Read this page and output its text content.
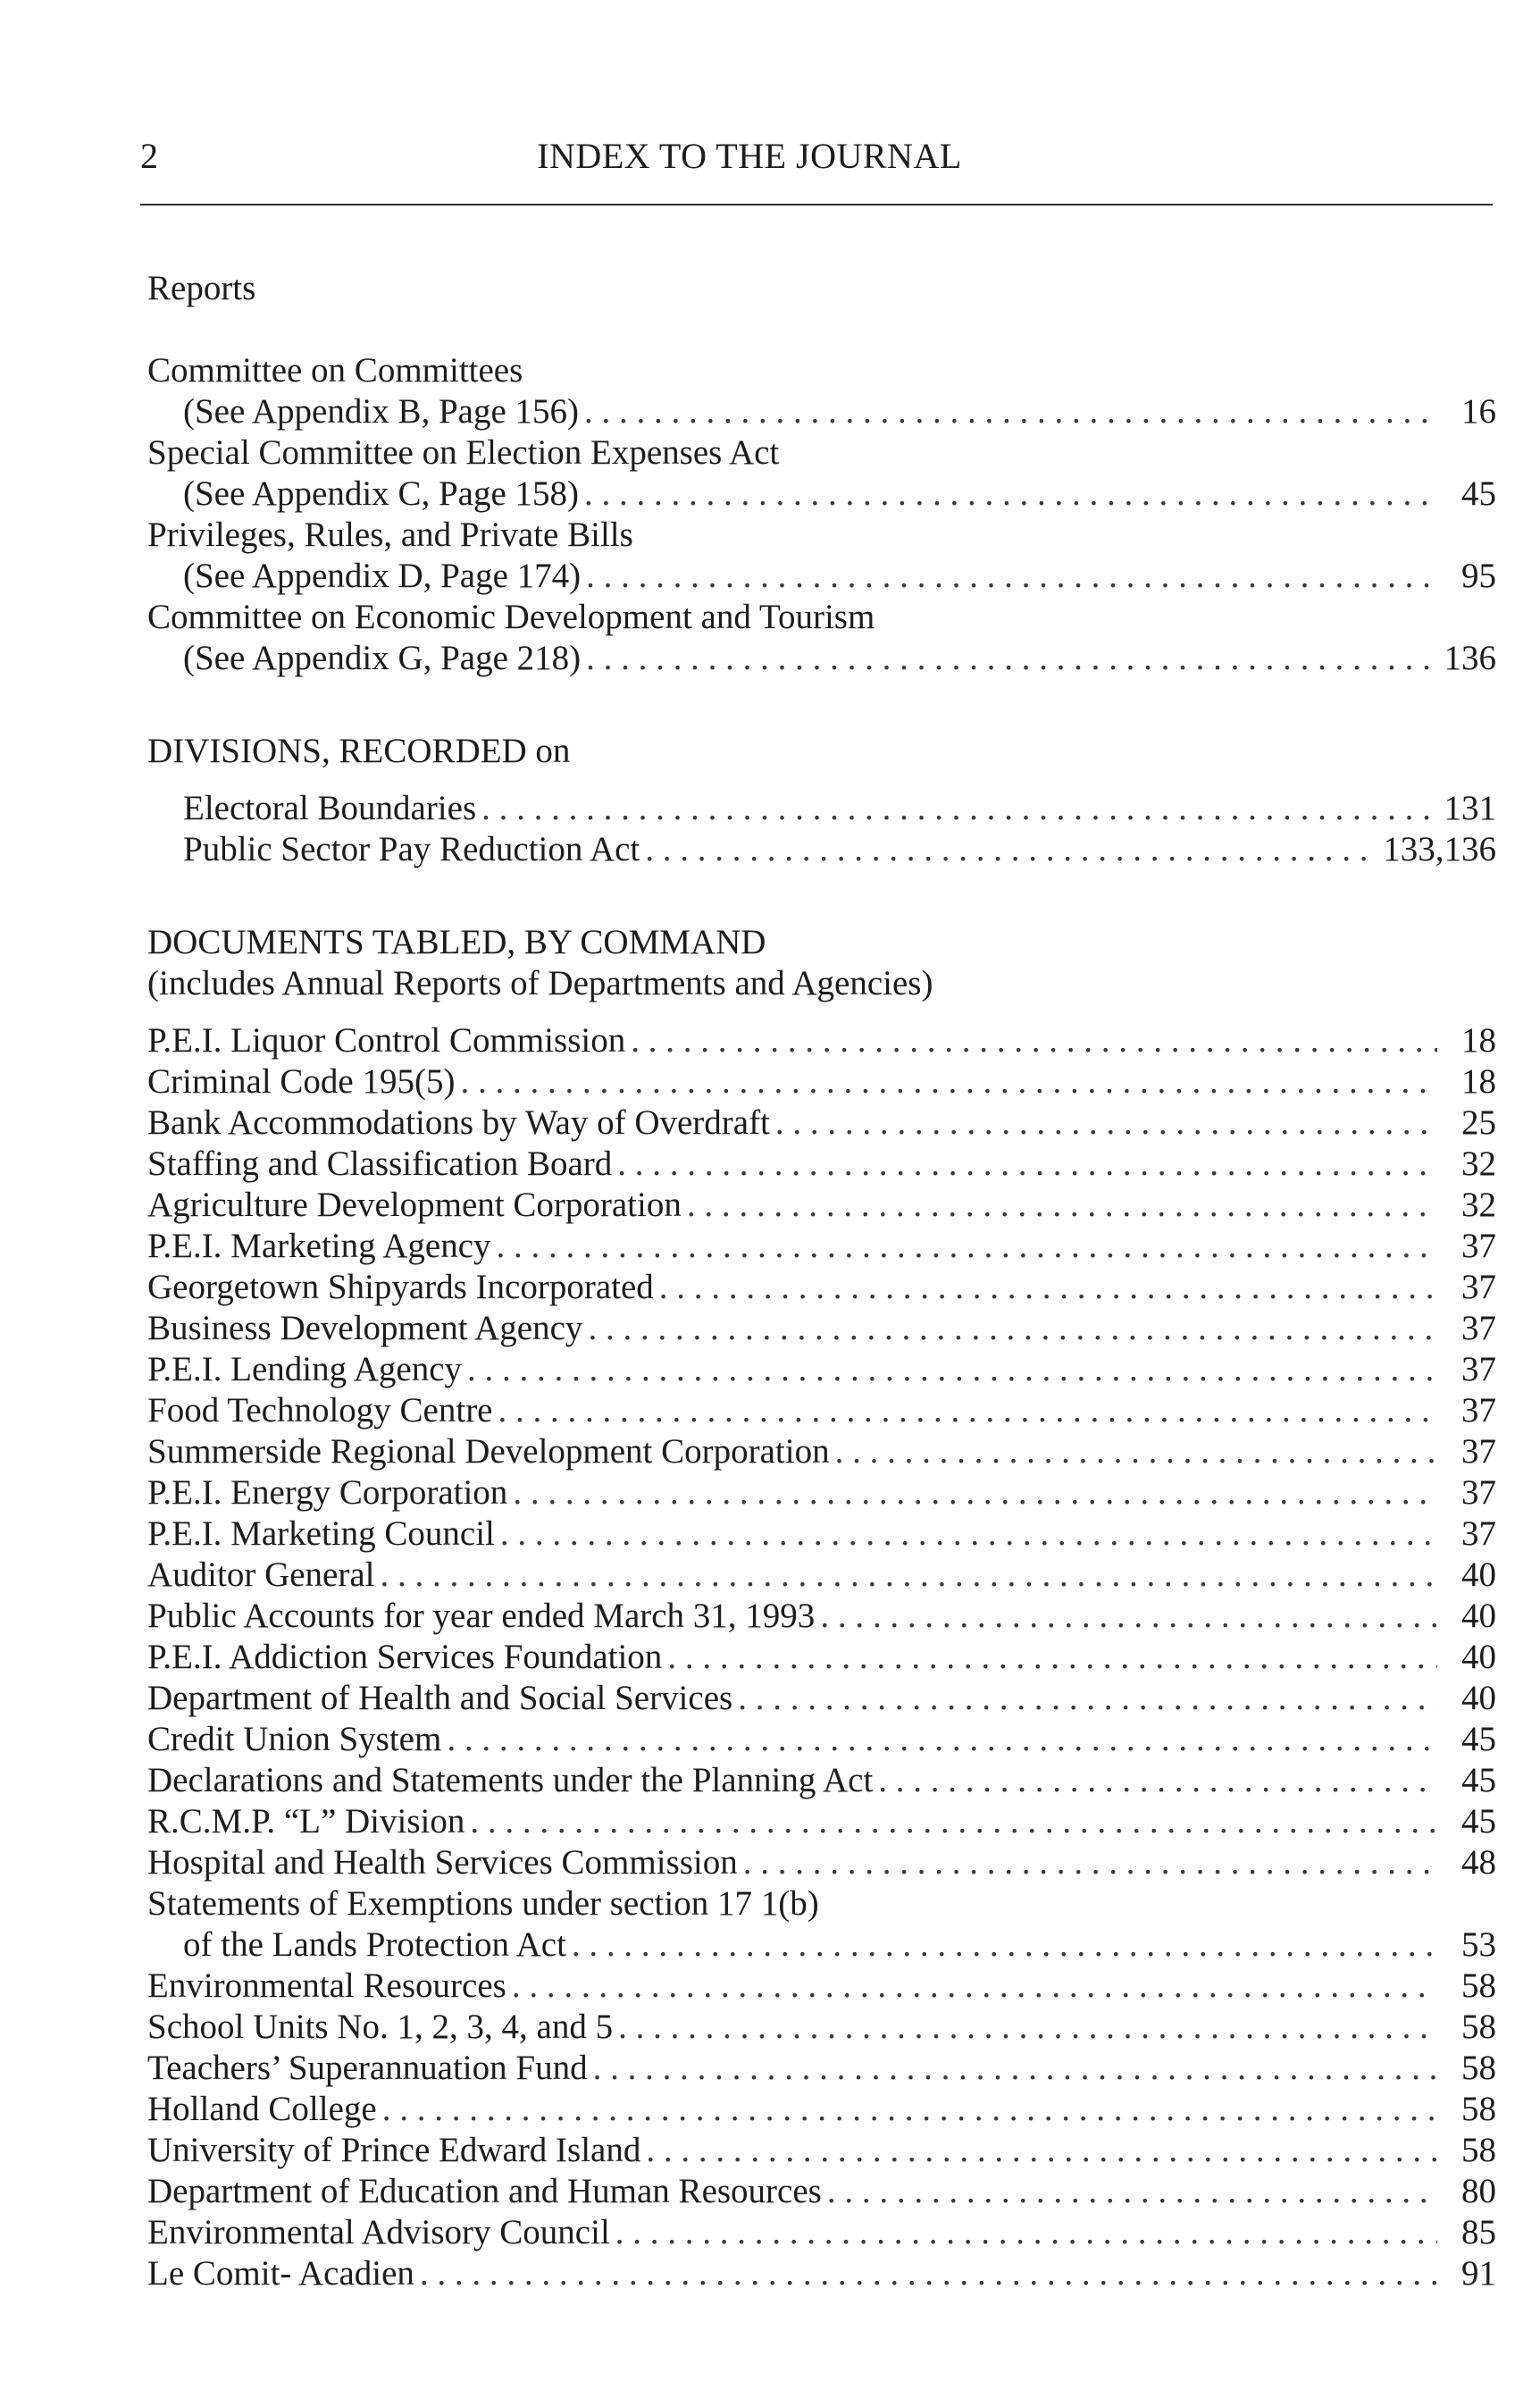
2	INDEX TO THE JOURNAL
Reports
Committee on Committees
(See Appendix B, Page 156) . . .	16
Special Committee on Election Expenses Act
(See Appendix C, Page 158) . . .	45
Privileges, Rules, and Private Bills
(See Appendix D, Page 174) . . .	95
Committee on Economic Development and Tourism
(See Appendix G, Page 218) . . .	136
DIVISIONS, RECORDED on
Electoral Boundaries . . .	131
Public Sector Pay Reduction Act . . .	133,136
DOCUMENTS TABLED, BY COMMAND
(includes Annual Reports of Departments and Agencies)
P.E.I. Liquor Control Commission . . .	18
Criminal Code 195(5) . . .	18
Bank Accommodations by Way of Overdraft . . .	25
Staffing and Classification Board . . .	32
Agriculture Development Corporation . . .	32
P.E.I. Marketing Agency . . .	37
Georgetown Shipyards Incorporated . . .	37
Business Development Agency . . .	37
P.E.I. Lending Agency . . .	37
Food Technology Centre . . .	37
Summerside Regional Development Corporation . . .	37
P.E.I. Energy Corporation . . .	37
P.E.I. Marketing Council . . .	37
Auditor General . . .	40
Public Accounts for year ended March 31, 1993 . . .	40
P.E.I. Addiction Services Foundation . . .	40
Department of Health and Social Services . . .	40
Credit Union System . . .	45
Declarations and Statements under the Planning Act . . .	45
R.C.M.P. “L” Division . . .	45
Hospital and Health Services Commission . . .	48
Statements of Exemptions under section 17 1(b)
of the Lands Protection Act . . .	53
Environmental Resources . . .	58
School Units No. 1, 2, 3, 4, and 5 . . .	58
Teachers’ Superannuation Fund . . .	58
Holland College . . .	58
University of Prince Edward Island . . .	58
Department of Education and Human Resources . . .	80
Environmental Advisory Council . . .	85
Le Comit- Acadien . . .	91
